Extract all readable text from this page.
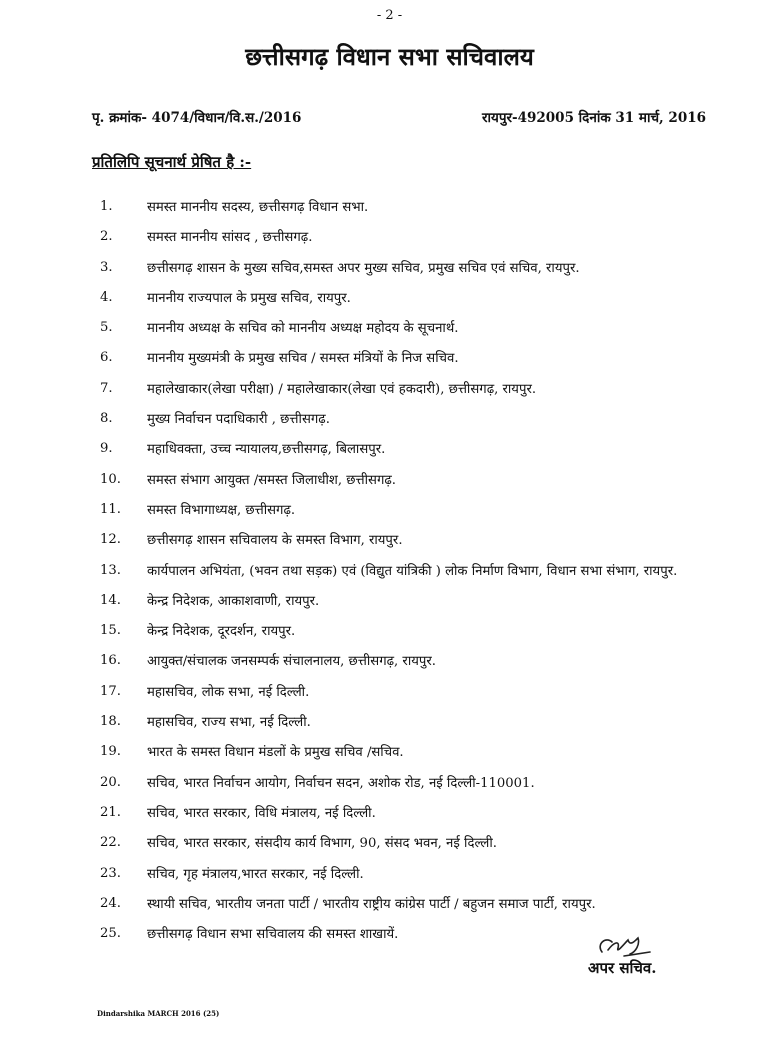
- 2 -
छत्तीसगढ़ विधान सभा सचिवालय
पृ. क्रमांक- 4074/विधान/वि.स./2016	रायपुर-492005 दिनांक 31 मार्च, 2016
प्रतिलिपि सूचनार्थ प्रेषित है :-
1.	समस्त माननीय सदस्य, छत्तीसगढ़ विधान सभा.
2.	समस्त माननीय सांसद , छत्तीसगढ़.
3.	छत्तीसगढ़ शासन के मुख्य सचिव,समस्त अपर मुख्य सचिव, प्रमुख सचिव एवं सचिव, रायपुर.
4.	माननीय राज्यपाल के प्रमुख सचिव, रायपुर.
5.	माननीय अध्यक्ष के सचिव को माननीय अध्यक्ष महोदय के सूचनार्थ.
6.	माननीय मुख्यमंत्री के प्रमुख सचिव / समस्त मंत्रियों के निज सचिव.
7.	महालेखाकार(लेखा परीक्षा) / महालेखाकार(लेखा एवं हकदारी), छत्तीसगढ़, रायपुर.
8.	मुख्य निर्वाचन पदाधिकारी , छत्तीसगढ़.
9.	महाधिवक्ता, उच्च न्यायालय,छत्तीसगढ़, बिलासपुर.
10. समस्त संभाग आयुक्त /समस्त जिलाधीश, छत्तीसगढ़.
11. समस्त विभागाध्यक्ष, छत्तीसगढ़.
12. छत्तीसगढ़ शासन सचिवालय के समस्त विभाग, रायपुर.
13. कार्यपालन अभियंता, (भवन तथा सड़क) एवं (विद्युत यांत्रिकी ) लोक निर्माण विभाग, विधान सभा संभाग, रायपुर.
14. केन्द्र निदेशक, आकाशवाणी, रायपुर.
15. केन्द्र निदेशक, दूरदर्शन, रायपुर.
16. आयुक्त/संचालक जनसम्पर्क संचालनालय, छत्तीसगढ़, रायपुर.
17. महासचिव, लोक सभा, नई दिल्ली.
18. महासचिव, राज्य सभा, नई दिल्ली.
19. भारत के समस्त विधान मंडलों के प्रमुख सचिव /सचिव.
20. सचिव, भारत निर्वाचन आयोग, निर्वाचन सदन, अशोक रोड, नई दिल्ली-110001.
21. सचिव, भारत सरकार, विधि मंत्रालय, नई दिल्ली.
22. सचिव, भारत सरकार, संसदीय कार्य विभाग, 90, संसद भवन, नई दिल्ली.
23. सचिव, गृह मंत्रालय,भारत सरकार, नई दिल्ली.
24. स्थायी सचिव, भारतीय जनता पार्टी / भारतीय राष्ट्रीय कांग्रेस पार्टी / बहुजन समाज पार्टी, रायपुर.
25. छत्तीसगढ़ विधान सभा सचिवालय की समस्त शाखायें.
अपर सचिव.
Dindarshika MARCH 2016 (25)
